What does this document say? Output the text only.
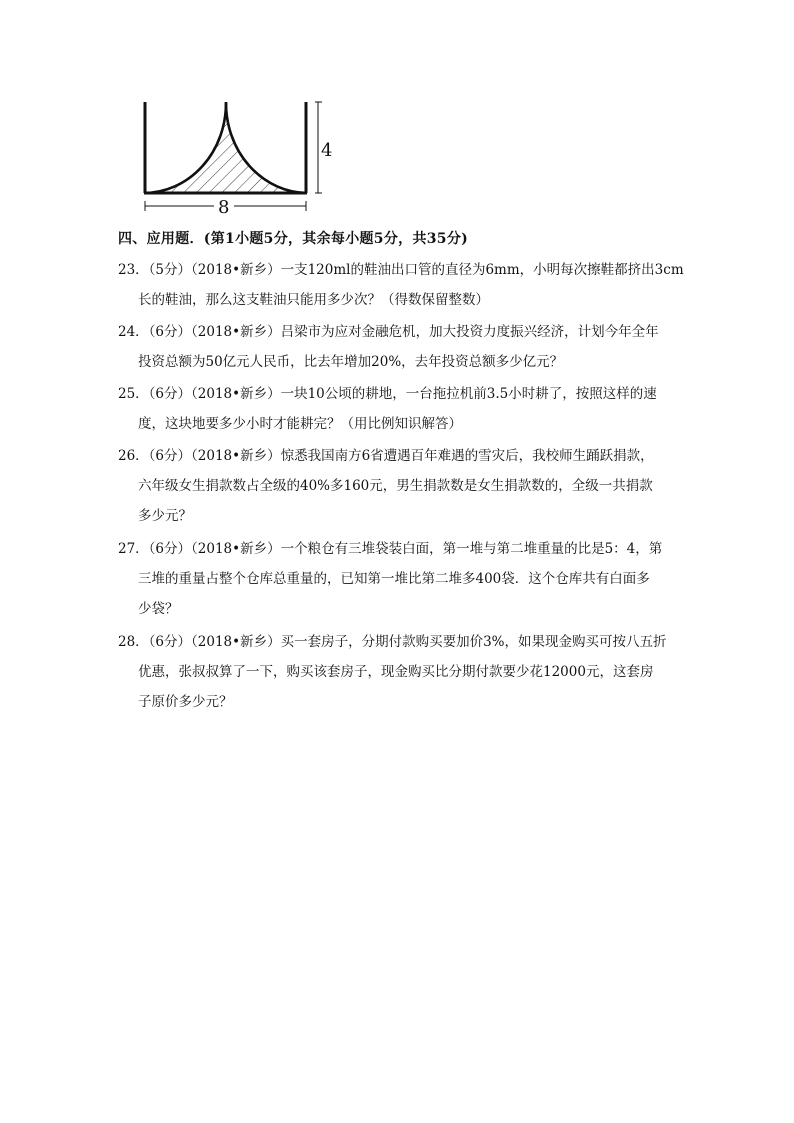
4
8
四、应用题．(第1小题5分，其余每小题5分，共35分)
23．（5分）（2018•新乡）一支120ml的鞋油出口管的直径为6mm，小明每次擦鞋都挤出3cm
长的鞋油，那么这支鞋油只能用多少次？（得数保留整数）
24．（6分）（2018•新乡）吕梁市为应对金融危机，加大投资力度振兴经济，计划今年全年
投资总额为50亿元人民币，比去年增加20%，去年投资总额多少亿元？
25．（6分）（2018•新乡）一块10公顷的耕地，一台拖拉机前3.5小时耕了，按照这样的速
度，这块地要多少小时才能耕完？（用比例知识解答）
26．（6分）（2018•新乡）惊悉我国南方6省遭遇百年难遇的雪灾后，我校师生踊跃捐款，
六年级女生捐款数占全级的40%多160元，男生捐款数是女生捐款数的，全级一共捐款
多少元？
27．（6分）（2018•新乡）一个粮仓有三堆袋装白面，第一堆与第二堆重量的比是5：4，第
三堆的重量占整个仓库总重量的，已知第一堆比第二堆多400袋．这个仓库共有白面多
少袋？
28．（6分）（2018•新乡）买一套房子，分期付款购买要加价3%，如果现金购买可按八五折
优惠，张叔叔算了一下，购买该套房子，现金购买比分期付款要少花12000元，这套房
子原价多少元？
